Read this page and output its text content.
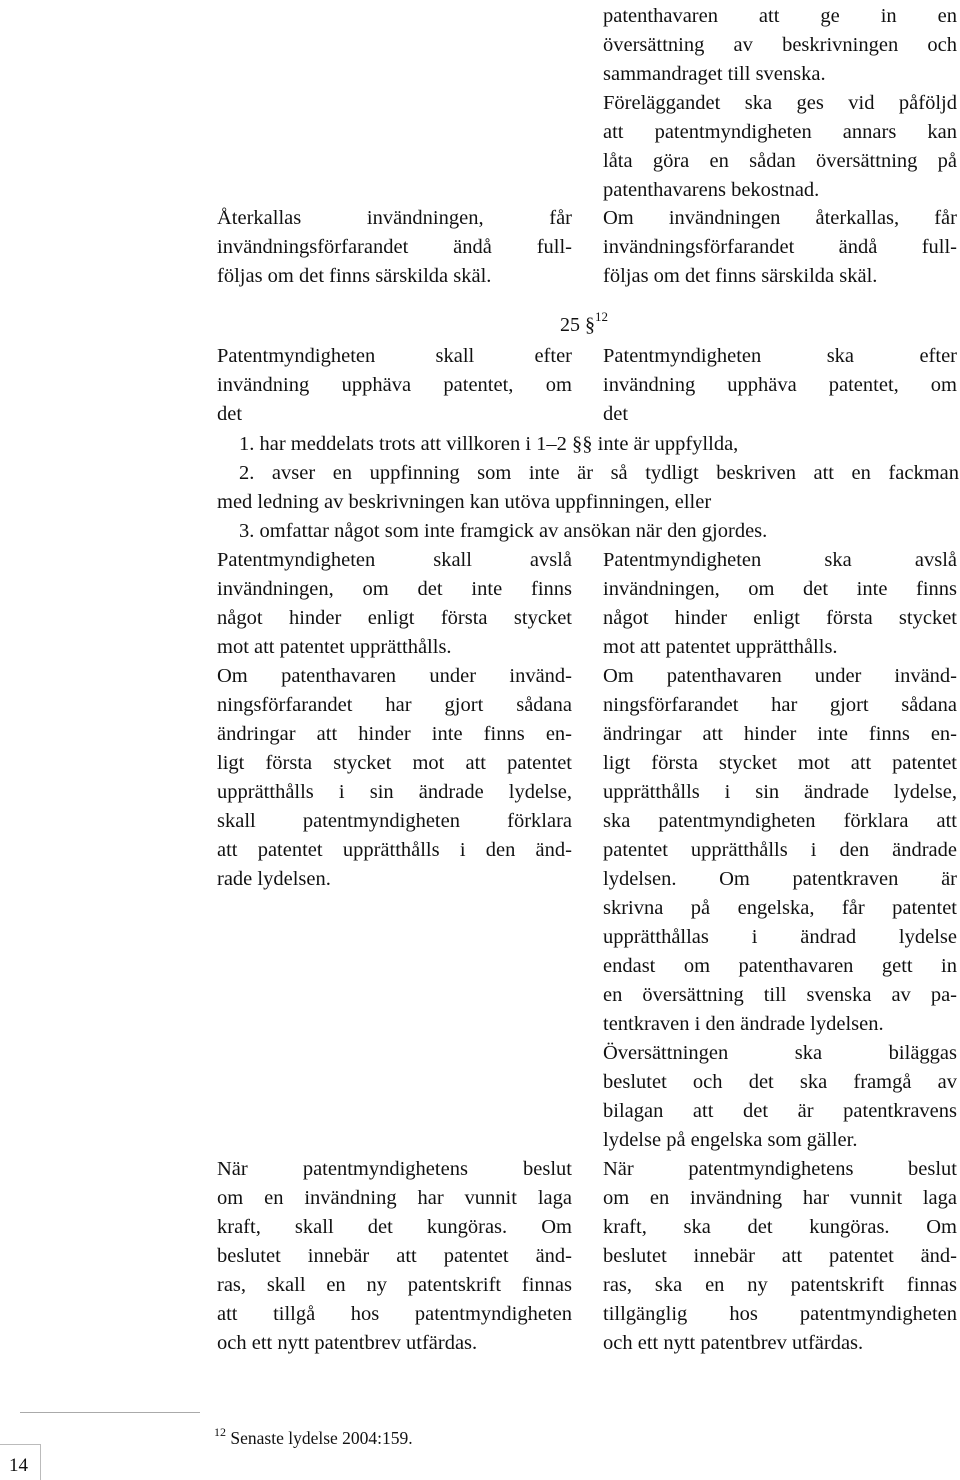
patenthavaren att ge in en
översättning av beskrivningen och
sammandraget till svenska.
Föreläggandet ska ges vid påföljd
att patentmyndigheten annars kan
låta göra en sådan översättning på
patenthavarens bekostnad.
Återkallas invändningen, får
invändningsförfarandet ändå full-
följas om det finns särskilda skäl.
Om invändningen återkallas, får
invändningsförfarandet ändå full-
följas om det finns särskilda skäl.
25 §$^{12}$
Patentmyndigheten skall efter
invändning upphäva patentet, om
det
Patentmyndigheten ska efter
invändning upphäva patentet, om
det
1. har meddelats trots att villkoren i 1–2 §§ inte är uppfyllda,
2. avser en uppfinning som inte är så tydligt beskriven att en fackman
med ledning av beskrivningen kan utöva uppfinningen, eller
3. omfattar något som inte framgick av ansökan när den gjordes.
Patentmyndigheten skall avslå
invändningen, om det inte finns
något hinder enligt första stycket
mot att patentet upprätthålls.
Patentmyndigheten ska avslå
invändningen, om det inte finns
något hinder enligt första stycket
mot att patentet upprätthålls.
Om patenthavaren under invänd-
ningsförfarandet har gjort sådana
ändringar att hinder inte finns en-
ligt första stycket mot att patentet
upprätthålls i sin ändrade lydelse,
skall patentmyndigheten förklara
att patentet upprätthålls i den änd-
rade lydelsen.
Om patenthavaren under invänd-
ningsförfarandet har gjort sådana
ändringar att hinder inte finns en-
ligt första stycket mot att patentet
upprätthålls i sin ändrade lydelse,
ska patentmyndigheten förklara att
patentet upprätthålls i den ändrade
lydelsen. Om patentkraven är
skrivna på engelska, får patentet
upprätthållas i ändrad lydelse
endast om patenthavaren gett in
en översättning till svenska av pa-
tentkraven i den ändrade lydelsen.
Översättningen ska biläggas
beslutet och det ska framgå av
bilagan att det är patentkravens
lydelse på engelska som gäller.
När patentmyndighetens beslut
om en invändning har vunnit laga
kraft, skall det kungöras. Om
beslutet innebär att patentet änd-
ras, skall en ny patentskrift finnas
att tillgå hos patentmyndigheten
och ett nytt patentbrev utfärdas.
När patentmyndighetens beslut
om en invändning har vunnit laga
kraft, ska det kungöras. Om
beslutet innebär att patentet änd-
ras, ska en ny patentskrift finnas
tillgänglig hos patentmyndigheten
och ett nytt patentbrev utfärdas.
$^{12}$ Senaste lydelse 2004:159.
14
